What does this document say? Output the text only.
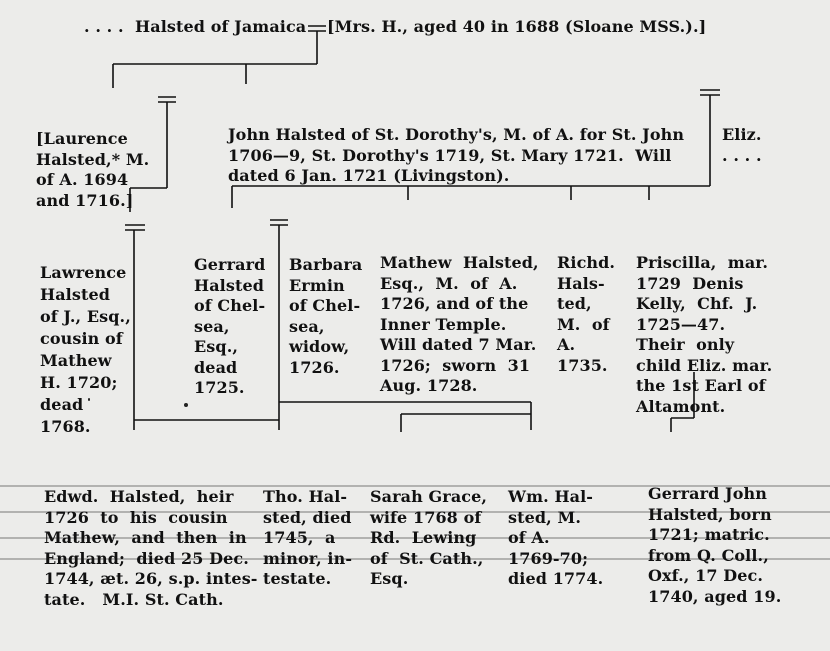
. . . .  Halsted of Jamaica [Mrs. H., aged 40 in 1688 (Sloane MSS.).]

[Laurence
Halsted,* M.
of A. 1694
and 1716.]

John Halsted of St. Dorothy's, M. of A. for St. John
1706—9, St. Dorothy's 1719, St. Mary 1721.  Will
dated 6 Jan. 1721 (Livingston).

Eliz.
. . . .

Lawrence
Halsted
of J., Esq.,
cousin of
Mathew
H. 1720;
dead
1768.

Gerrard
Halsted
of Chel-
sea,
Esq.,
dead
1725.

Barbara
Ermin
of Chel-
sea,
widow,
1726.

Mathew  Halsted,
Esq.,  M.  of  A.
1726, and of the
Inner Temple.
Will dated 7 Mar.
1726;  sworn  31
Aug. 1728.

Richd.
Hals-
ted,
M.  of
A.
1735.

Priscilla,  mar.
1729  Denis
Kelly,  Chf.  J.
1725—47.
Their  only
child Eliz. mar.
the 1st Earl of
Altamont.

Edwd.  Halsted,  heir
1726  to  his  cousin
Mathew,  and  then  in
England;  died 25 Dec.
1744, æt. 26, s.p. intes-
tate.   M.I. St. Cath.

Tho. Hal-
sted, died
1745,  a
minor, in-
testate.

Sarah Grace,
wife 1768 of
Rd.  Lewing
of  St. Cath.,
Esq.

Wm. Hal-
sted, M.
of A.
1769-70;
died 1774.

Gerrard John
Halsted, born
1721; matric.
from Q. Coll.,
Oxf., 17 Dec.
1740, aged 19.
